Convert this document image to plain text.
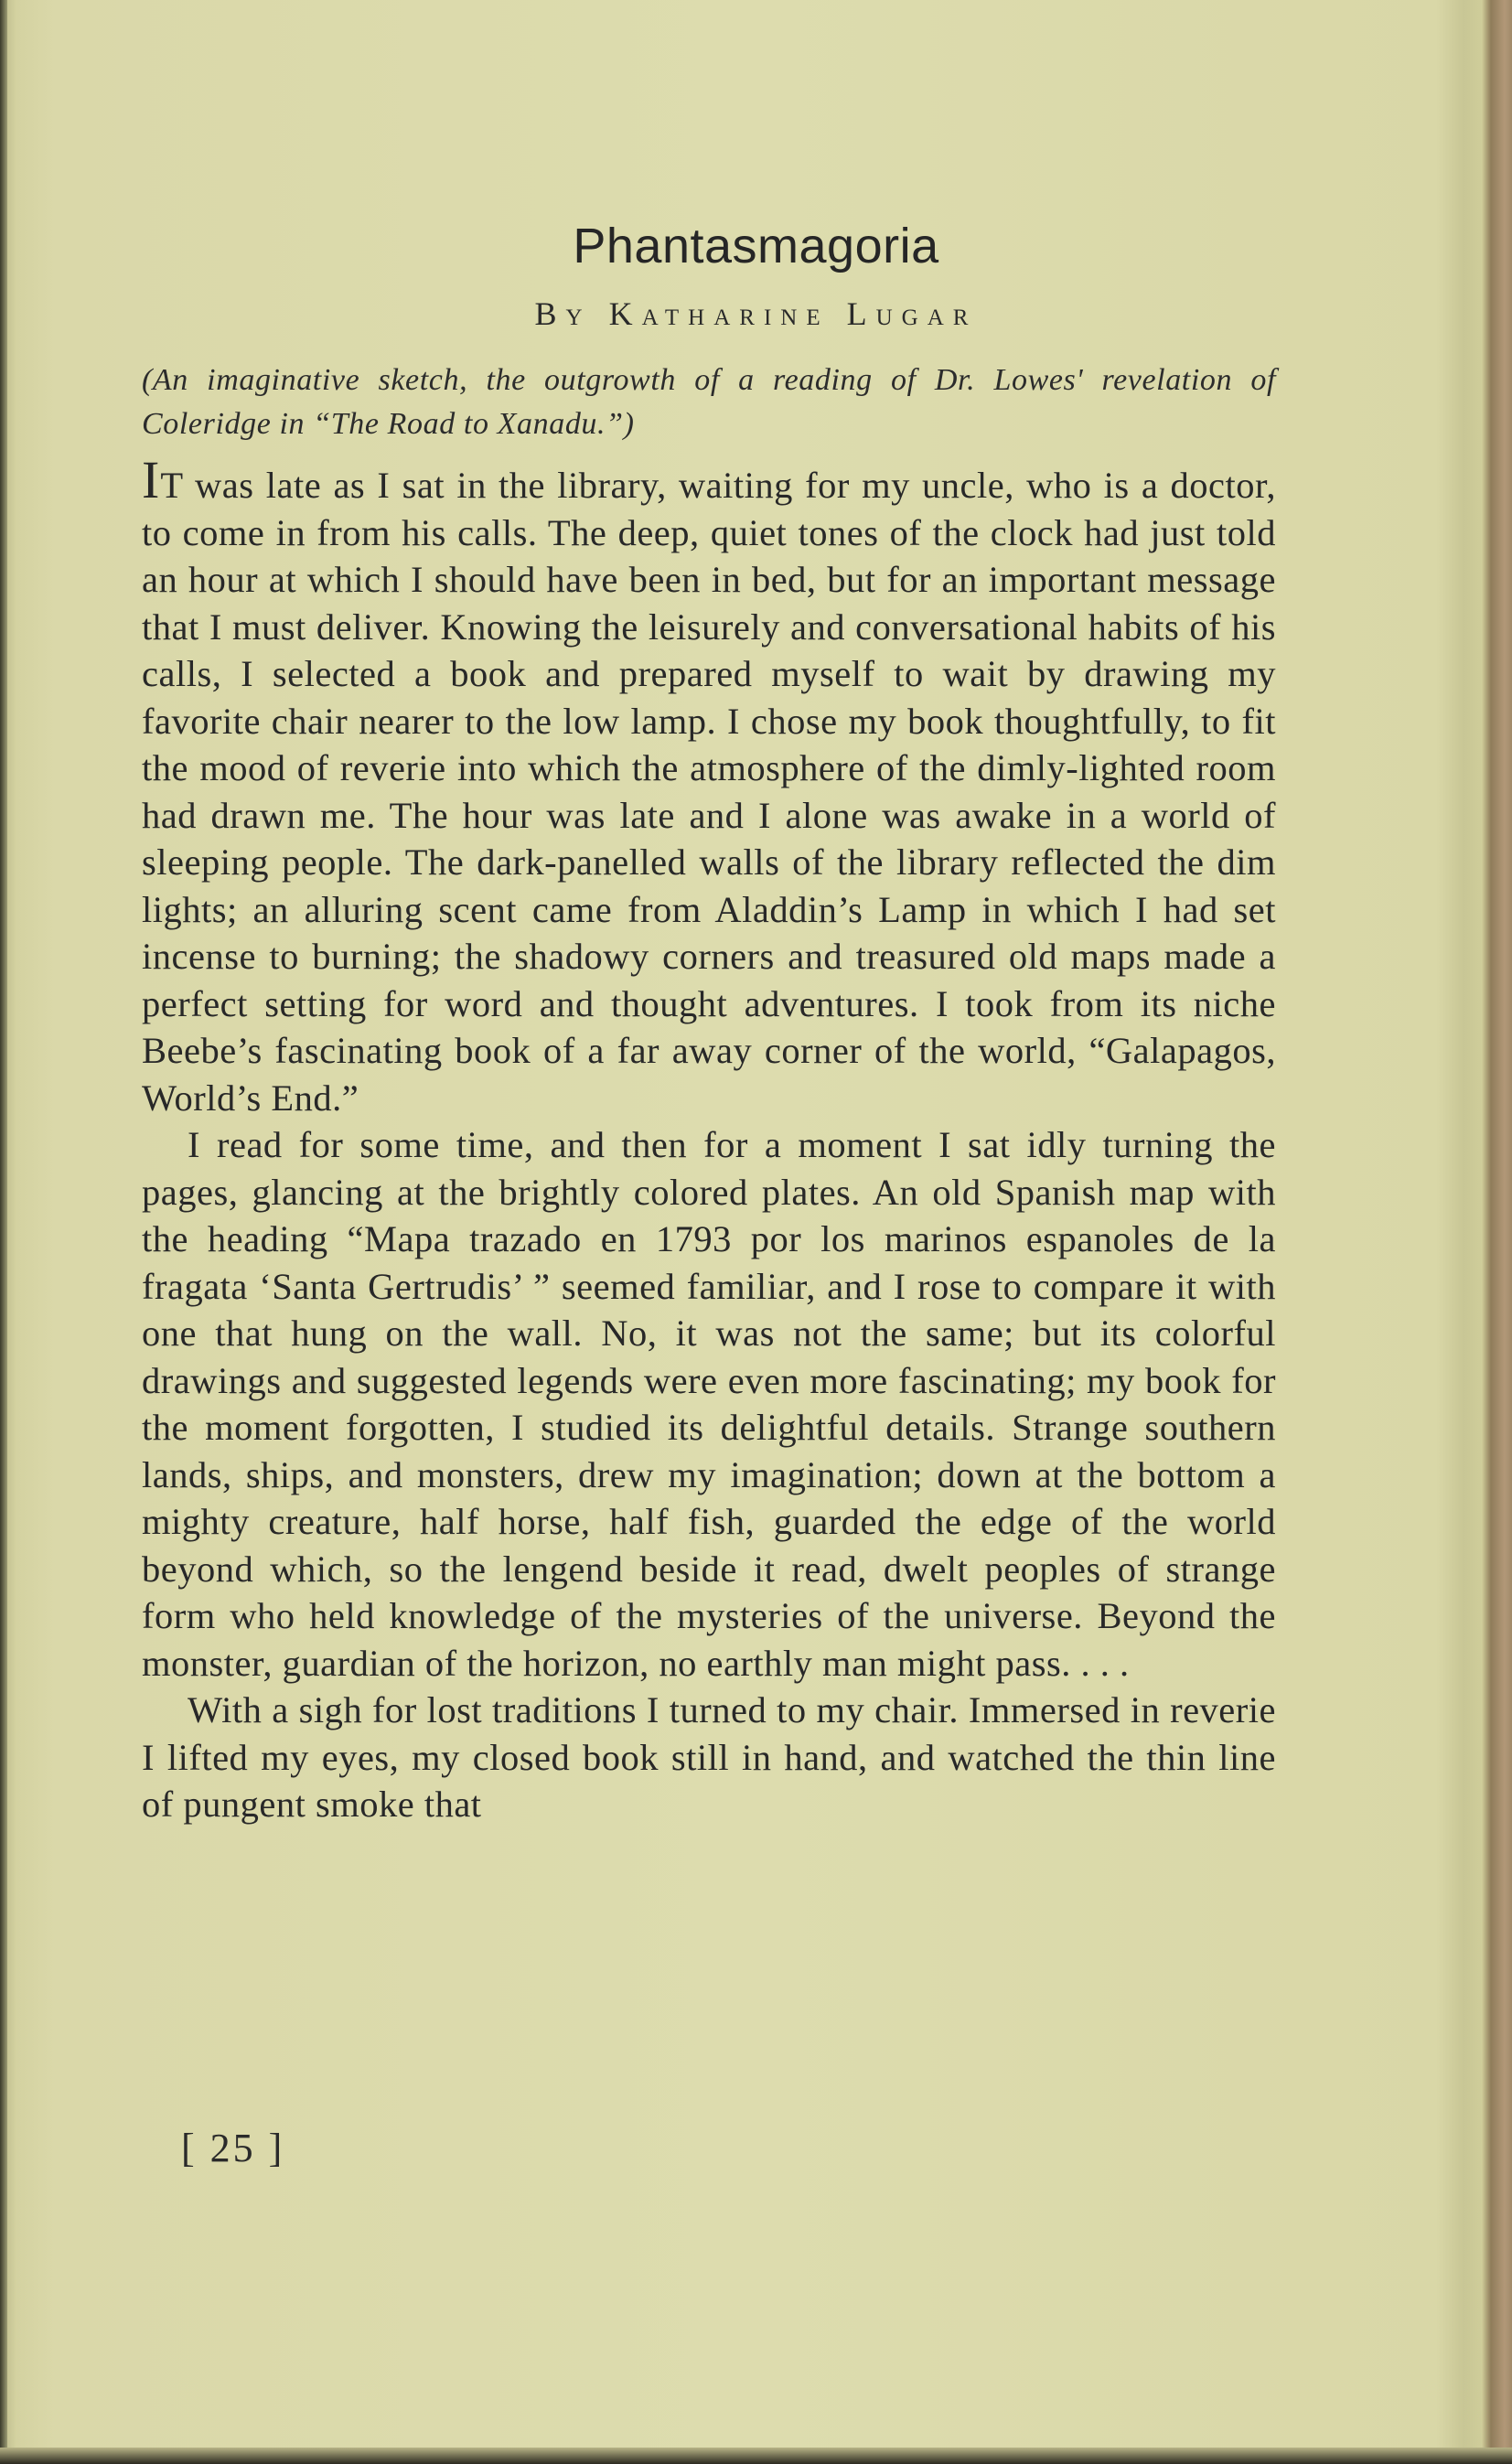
Phantasmagoria
By Katharine Lugar
(An imaginative sketch, the outgrowth of a reading of Dr. Lowes' revelation of Coleridge in “The Road to Xanadu.”)

IT was late as I sat in the library, waiting for my uncle, who is a doctor, to come in from his calls. The deep, quiet tones of the clock had just told an hour at which I should have been in bed, but for an important message that I must deliver. Knowing the leisurely and conversational habits of his calls, I selected a book and prepared myself to wait by drawing my favorite chair nearer to the low lamp. I chose my book thoughtfully, to fit the mood of reverie into which the atmosphere of the dimly-lighted room had drawn me. The hour was late and I alone was awake in a world of sleeping people. The dark-panelled walls of the library reflected the dim lights; an alluring scent came from Aladdin’s Lamp in which I had set incense to burning; the shadowy corners and treasured old maps made a perfect setting for word and thought adventures. I took from its niche Beebe’s fascinating book of a far away corner of the world, “Galapagos, World’s End.”

I read for some time, and then for a moment I sat idly turning the pages, glancing at the brightly colored plates. An old Spanish map with the heading “Mapa trazado en 1793 por los marinos espanoles de la fragata ‘Santa Gertrudis’ ” seemed familiar, and I rose to compare it with one that hung on the wall. No, it was not the same; but its colorful drawings and suggested legends were even more fascinating; my book for the moment forgotten, I studied its delightful details. Strange southern lands, ships, and monsters, drew my imagination; down at the bottom a mighty creature, half horse, half fish, guarded the edge of the world beyond which, so the lengend beside it read, dwelt peoples of strange form who held knowledge of the mysteries of the universe. Beyond the monster, guardian of the horizon, no earthly man might pass. . . .

With a sigh for lost traditions I turned to my chair. Immersed in reverie I lifted my eyes, my closed book still in hand, and watched the thin line of pungent smoke that

[ 25 ]
